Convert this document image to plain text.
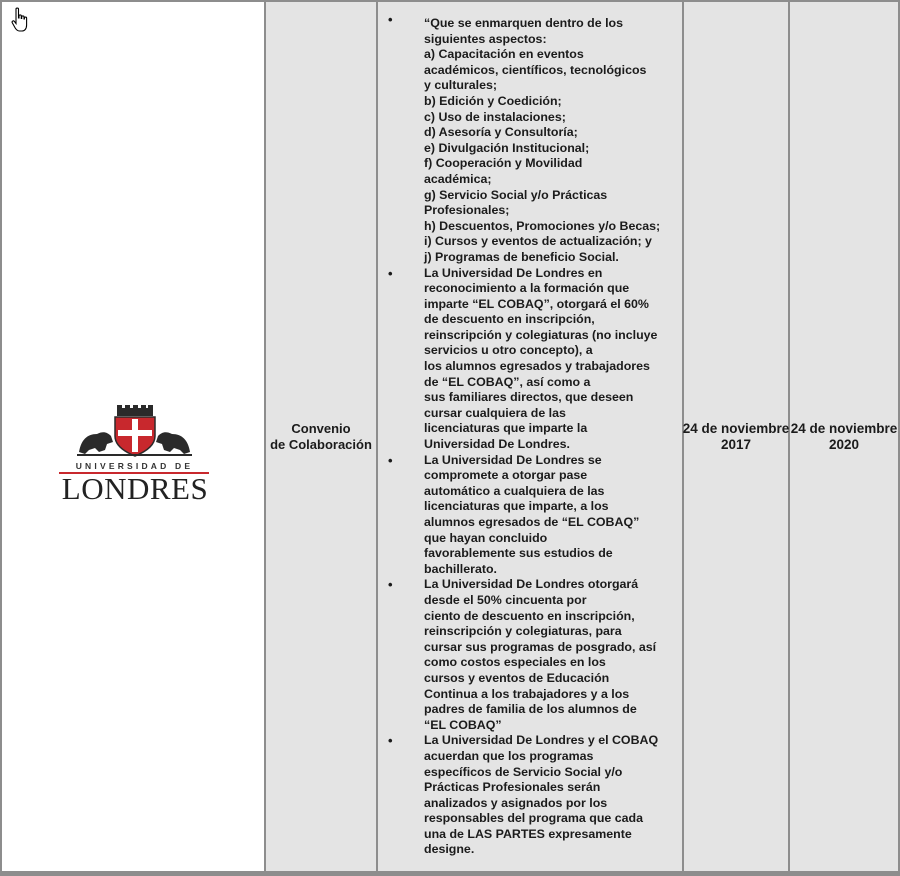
UNIVERSIDAD DE
LONDRES
Convenio
de Colaboración
• “Que se enmarquen dentro de los
siguientes aspectos:
a) Capacitación en eventos
académicos, científicos, tecnológicos
y culturales;
b) Edición y Coedición;
c) Uso de instalaciones;
d) Asesoría y Consultoría;
e) Divulgación Institucional;
f) Cooperación y Movilidad
académica;
g) Servicio Social y/o Prácticas
Profesionales;
h) Descuentos, Promociones y/o Becas;
i) Cursos y eventos de actualización; y
j) Programas de beneficio Social.
• La Universidad De Londres en
reconocimiento a la formación que
imparte “EL COBAQ”, otorgará el 60%
de descuento en inscripción,
reinscripción y colegiaturas (no incluye
servicios u otro concepto), a
los alumnos egresados y trabajadores
de “EL COBAQ”, así como a
sus familiares directos, que deseen
cursar cualquiera de las
licenciaturas que imparte la
Universidad De Londres.
• La Universidad De Londres se
compromete a otorgar pase
automático a cualquiera de las
licenciaturas que imparte, a los
alumnos egresados de “EL COBAQ”
que hayan concluido
favorablemente sus estudios de
bachillerato.
• La Universidad De Londres otorgará
desde el 50% cincuenta por
ciento de descuento en inscripción,
reinscripción y colegiaturas, para
cursar sus programas de posgrado, así
como costos especiales en los
cursos y eventos de Educación
Continua a los trabajadores y a los
padres de familia de los alumnos de
“EL COBAQ”
• La Universidad De Londres y el COBAQ
acuerdan que los programas
específicos de Servicio Social y/o
Prácticas Profesionales serán
analizados y asignados por los
responsables del programa que cada
una de LAS PARTES expresamente
designe.
24 de noviembre
2017
24 de noviembre
2020
